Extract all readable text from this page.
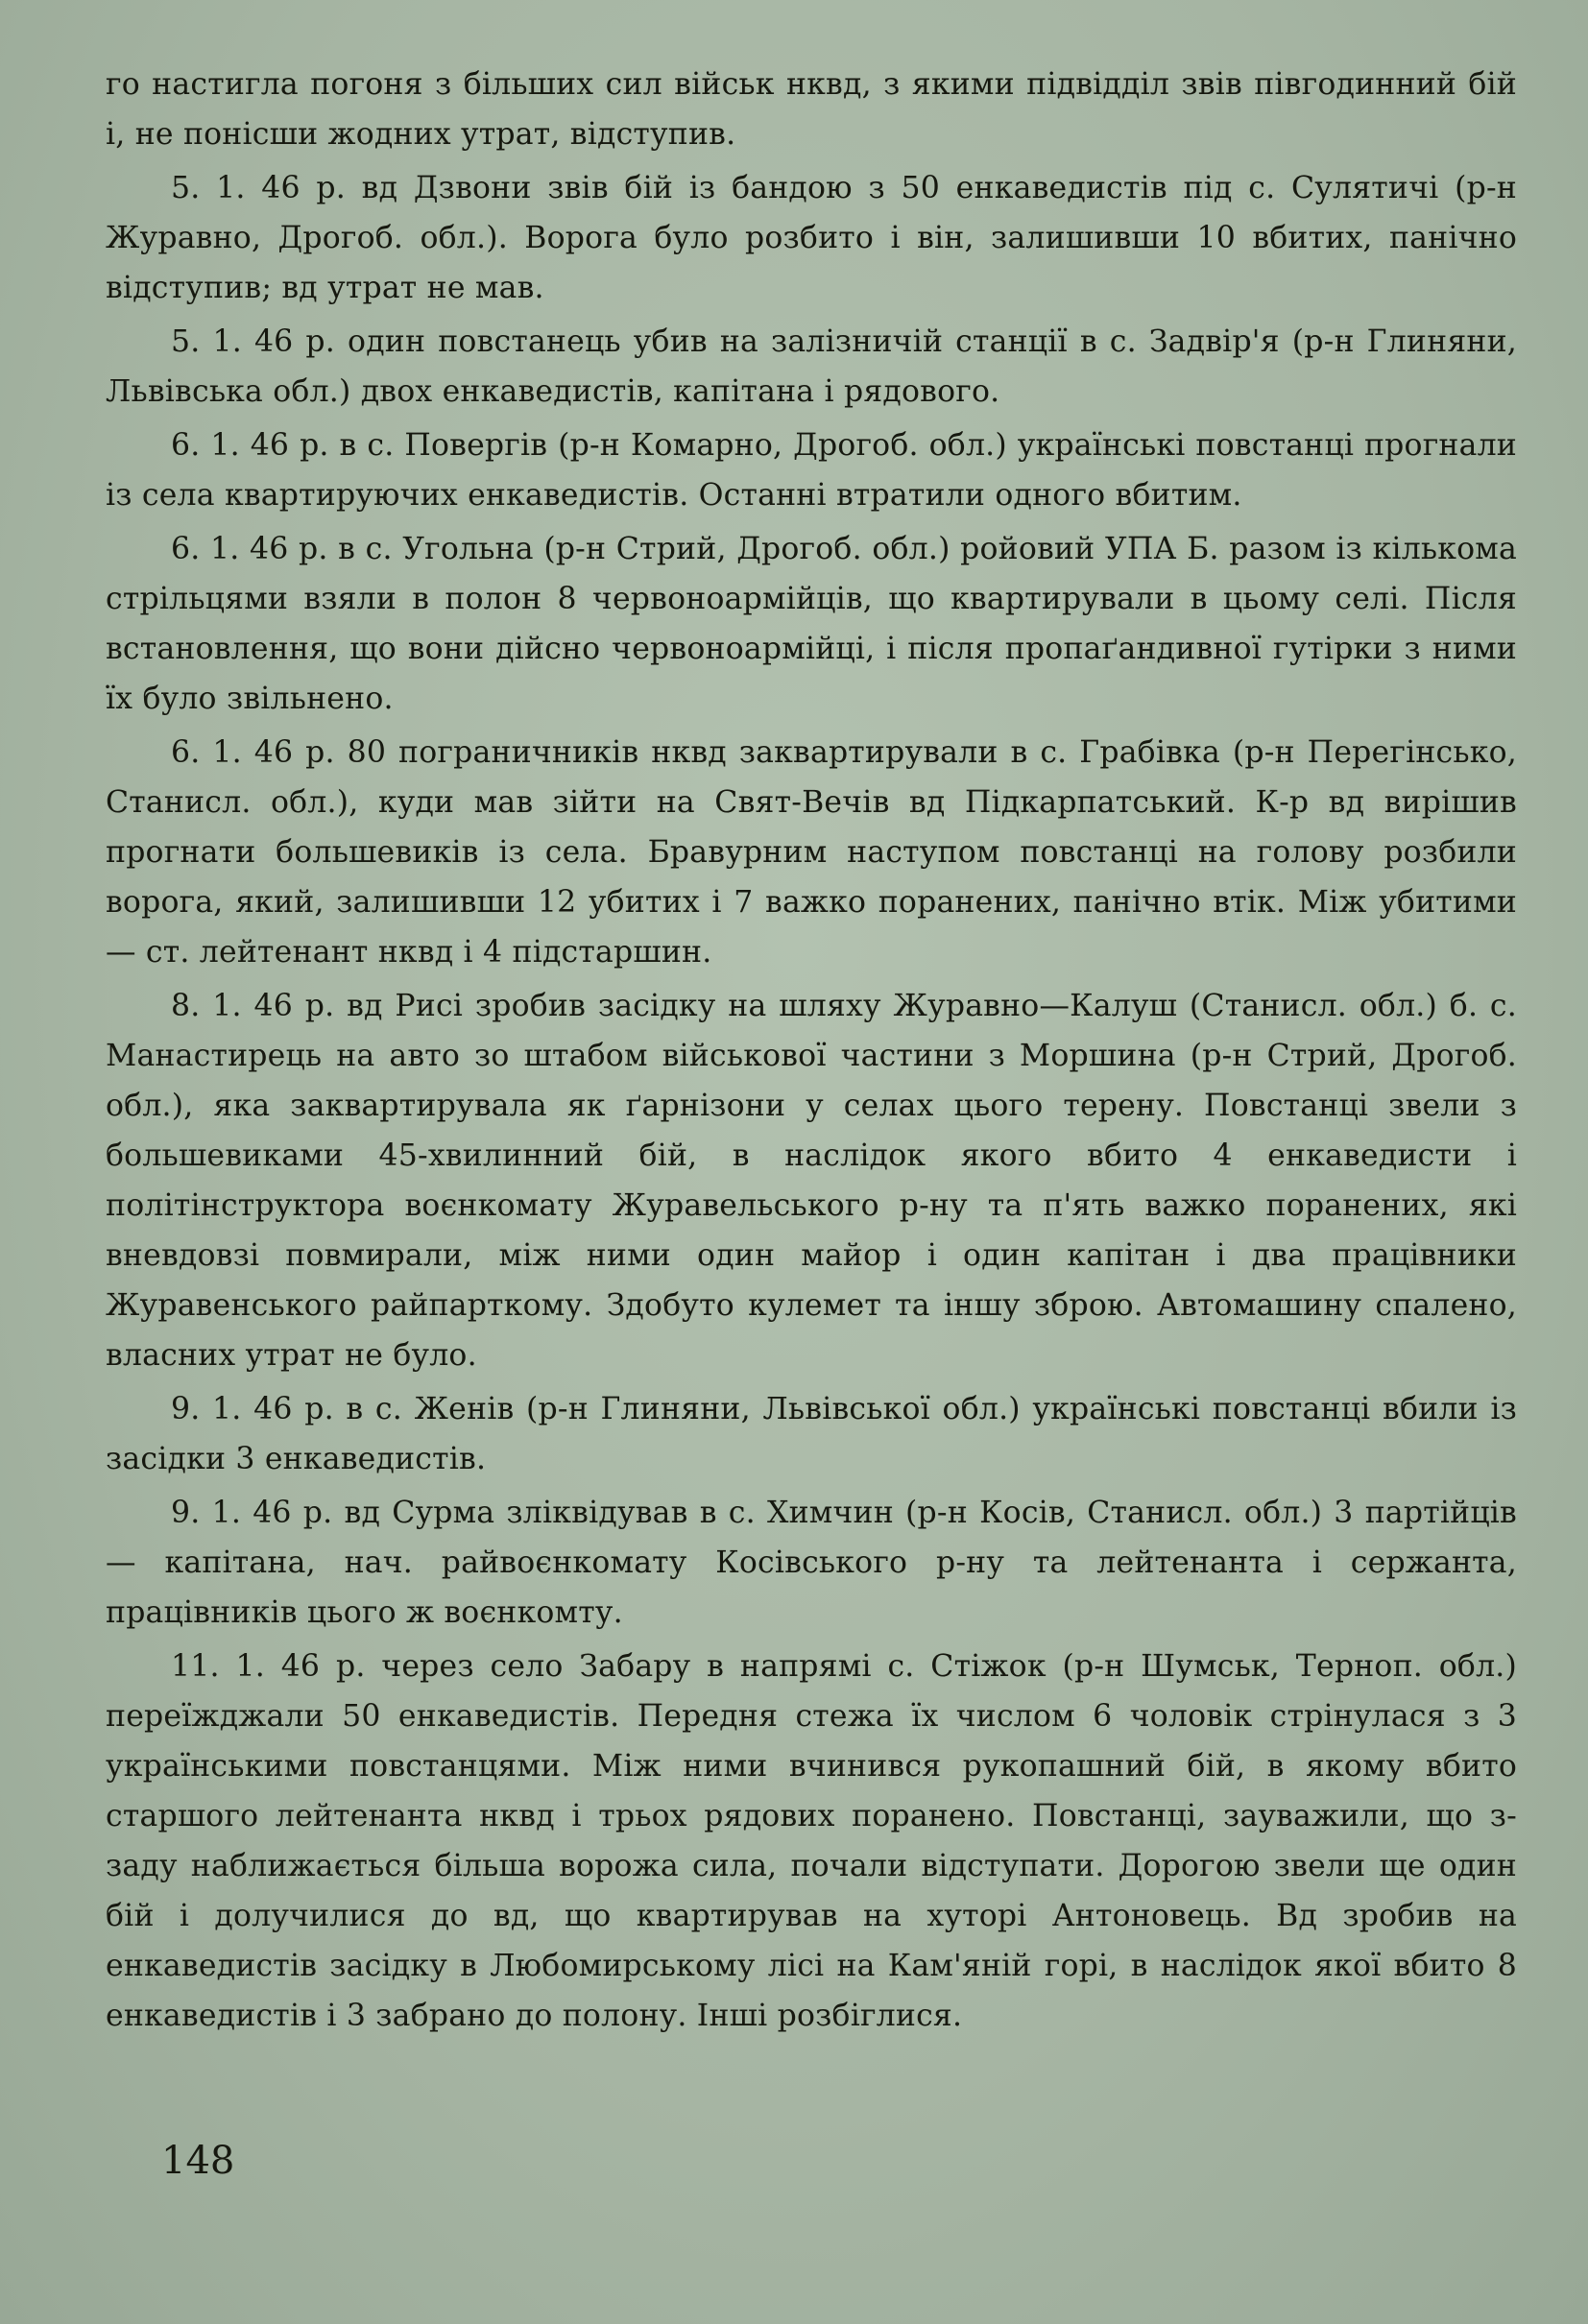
го настигла погоня з більших сил військ нквд, з якими підвідділ звів півгодинний бій і, не понісши жодних утрат, відступив.

5. 1. 46 р. вд Дзвони звів бій із бандою з 50 енкаведистів під с. Сулятичі (р-н Журавно, Дрогоб. обл.). Ворога було розбито і він, залишивши 10 вбитих, панічно відступив; вд утрат не мав.

5. 1. 46 р. один повстанець убив на залізничій станції в с. Задвір'я (р-н Глиняни, Львівська обл.) двох енкаведистів, капітана і рядового.

6. 1. 46 р. в с. Повергів (р-н Комарно, Дрогоб. обл.) українські повстанці прогнали із села квартируючих енкаведистів. Останні втратили одного вбитим.

6. 1. 46 р. в с. Угольна (р-н Стрий, Дрогоб. обл.) ройовий УПА Б. разом із кількома стрільцями взяли в полон 8 червоноармійців, що квартирували в цьому селі. Після встановлення, що вони дійсно червоноармійці, і після пропаґандивної гутірки з ними їх було звільнено.

6. 1. 46 р. 80 пограничників нквд заквартирували в с. Грабівка (р-н Перегінсько, Станисл. обл.), куди мав зійти на Свят-Вечів вд Підкарпатський. К-р вд вирішив прогнати большевиків із села. Бравурним наступом повстанці на голову розбили ворога, який, залишивши 12 убитих і 7 важко поранених, панічно втік. Між убитими — ст. лейтенант нквд і 4 підстаршин.

8. 1. 46 р. вд Рисі зробив засідку на шляху Журавно—Калуш (Станисл. обл.) б. с. Манастирець на авто зо штабом військової частини з Моршина (р-н Стрий, Дрогоб. обл.), яка заквартирувала як ґарнізони у селах цього терену. Повстанці звели з большевиками 45-хвилинний бій, в наслідок якого вбито 4 енкаведисти і політінструктора воєнкомату Журавельського р-ну та п'ять важко поранених, які вневдовзі повмирали, між ними один майор і один капітан і два працівники Журавенського райпарткому. Здобуто кулемет та іншу зброю. Автомашину спалено, власних утрат не було.

9. 1. 46 р. в с. Женів (р-н Глиняни, Львівської обл.) українські повстанці вбили із засідки 3 енкаведистів.

9. 1. 46 р. вд Сурма зліквідував в с. Химчин (р-н Косів, Станисл. обл.) 3 партійців — капітана, нач. райвоєнкомату Косівського р-ну та лейтенанта і сержанта, працівників цього ж воєнкомту.

11. 1. 46 р. через село Забару в напрямі с. Стіжок (р-н Шумськ, Терноп. обл.) переїжджали 50 енкаведистів. Передня стежа їх числом 6 чоловік стрінулася з 3 українськими повстанцями. Між ними вчинився рукопашний бій, в якому вбито старшого лейтенанта нквд і трьох рядових поранено. Повстанці, зауважили, що з-заду наближається більша ворожа сила, почали відступати. Дорогою звели ще один бій і долучилися до вд, що квартирував на хуторі Антоновець. Вд зробив на енкаведистів засідку в Любомирському лісі на Кам'яній горі, в наслідок якої вбито 8 енкаведистів і 3 забрано до полону. Інші розбіглися.

148
